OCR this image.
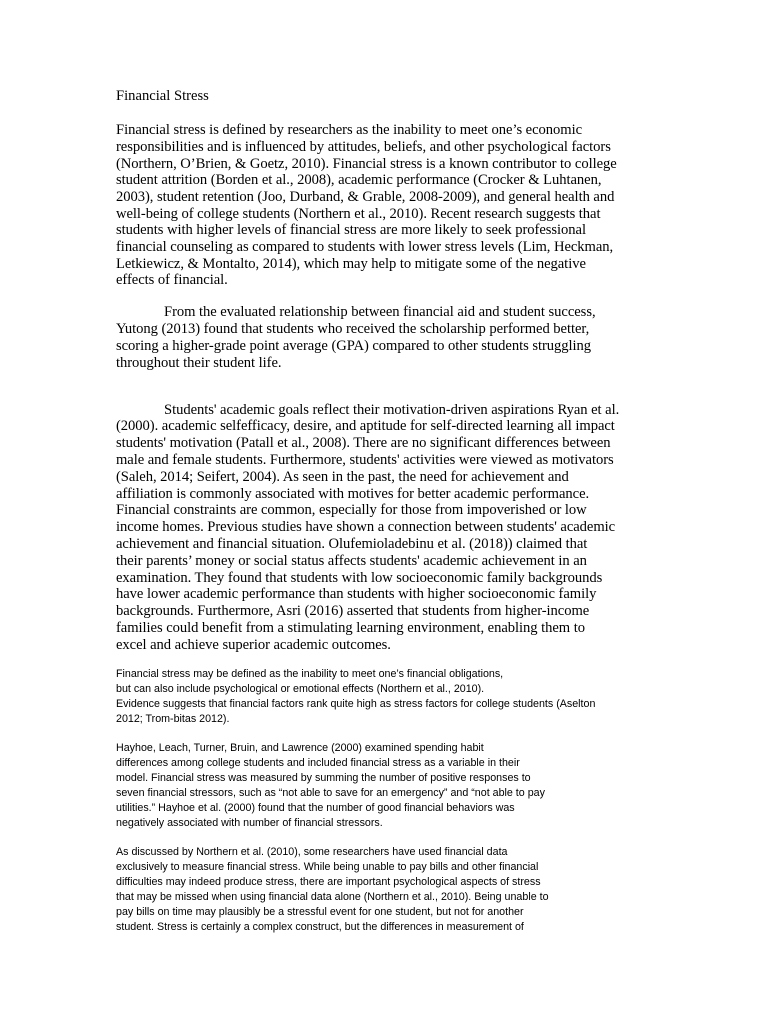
Financial Stress
Financial stress is defined by researchers as the inability to meet one’s economic
responsibilities and is influenced by attitudes, beliefs, and other psychological factors
(Northern, O’Brien, & Goetz, 2010). Financial stress is a known contributor to college
student attrition (Borden et al., 2008), academic performance (Crocker & Luhtanen,
2003), student retention (Joo, Durband, & Grable, 2008-2009), and general health and
well-being of college students (Northern et al., 2010). Recent research suggests that
students with higher levels of financial stress are more likely to seek professional
financial counseling as compared to students with lower stress levels (Lim, Heckman,
Letkiewicz, & Montalto, 2014), which may help to mitigate some of the negative
effects of financial.
From the evaluated relationship between financial aid and student success,
Yutong (2013) found that students who received the scholarship performed better,
scoring a higher-grade point average (GPA) compared to other students struggling
throughout their student life.
Students' academic goals reflect their motivation-driven aspirations Ryan et al.
(2000). academic selfefficacy, desire, and aptitude for self-directed learning all impact
students' motivation (Patall et al., 2008). There are no significant differences between
male and female students. Furthermore, students' activities were viewed as motivators
(Saleh, 2014; Seifert, 2004). As seen in the past, the need for achievement and
affiliation is commonly associated with motives for better academic performance.
Financial constraints are common, especially for those from impoverished or low
income homes. Previous studies have shown a connection between students' academic
achievement and financial situation. Olufemioladebinu et al. (2018)) claimed that
their parents’ money or social status affects students' academic achievement in an
examination. They found that students with low socioeconomic family backgrounds
have lower academic performance than students with higher socioeconomic family
backgrounds. Furthermore, Asri (2016) asserted that students from higher-income
families could benefit from a stimulating learning environment, enabling them to
excel and achieve superior academic outcomes.
Financial stress may be defined as the inability to meet one’s financial obligations,
but can also include psychological or emotional effects (Northern et al., 2010).
Evidence suggests that financial factors rank quite high as stress factors for college students (Aselton
2012; Trom-bitas 2012).
Hayhoe, Leach, Turner, Bruin, and Lawrence (2000) examined spending habit
differences among college students and included financial stress as a variable in their
model. Financial stress was measured by summing the number of positive responses to
seven financial stressors, such as “not able to save for an emergency” and “not able to pay
utilities.” Hayhoe et al. (2000) found that the number of good financial behaviors was
negatively associated with number of financial stressors.
As discussed by Northern et al. (2010), some researchers have used financial data
exclusively to measure financial stress. While being unable to pay bills and other financial
difficulties may indeed produce stress, there are important psychological aspects of stress
that may be missed when using financial data alone (Northern et al., 2010). Being unable to
pay bills on time may plausibly be a stressful event for one student, but not for another
student. Stress is certainly a complex construct, but the differences in measurement of
